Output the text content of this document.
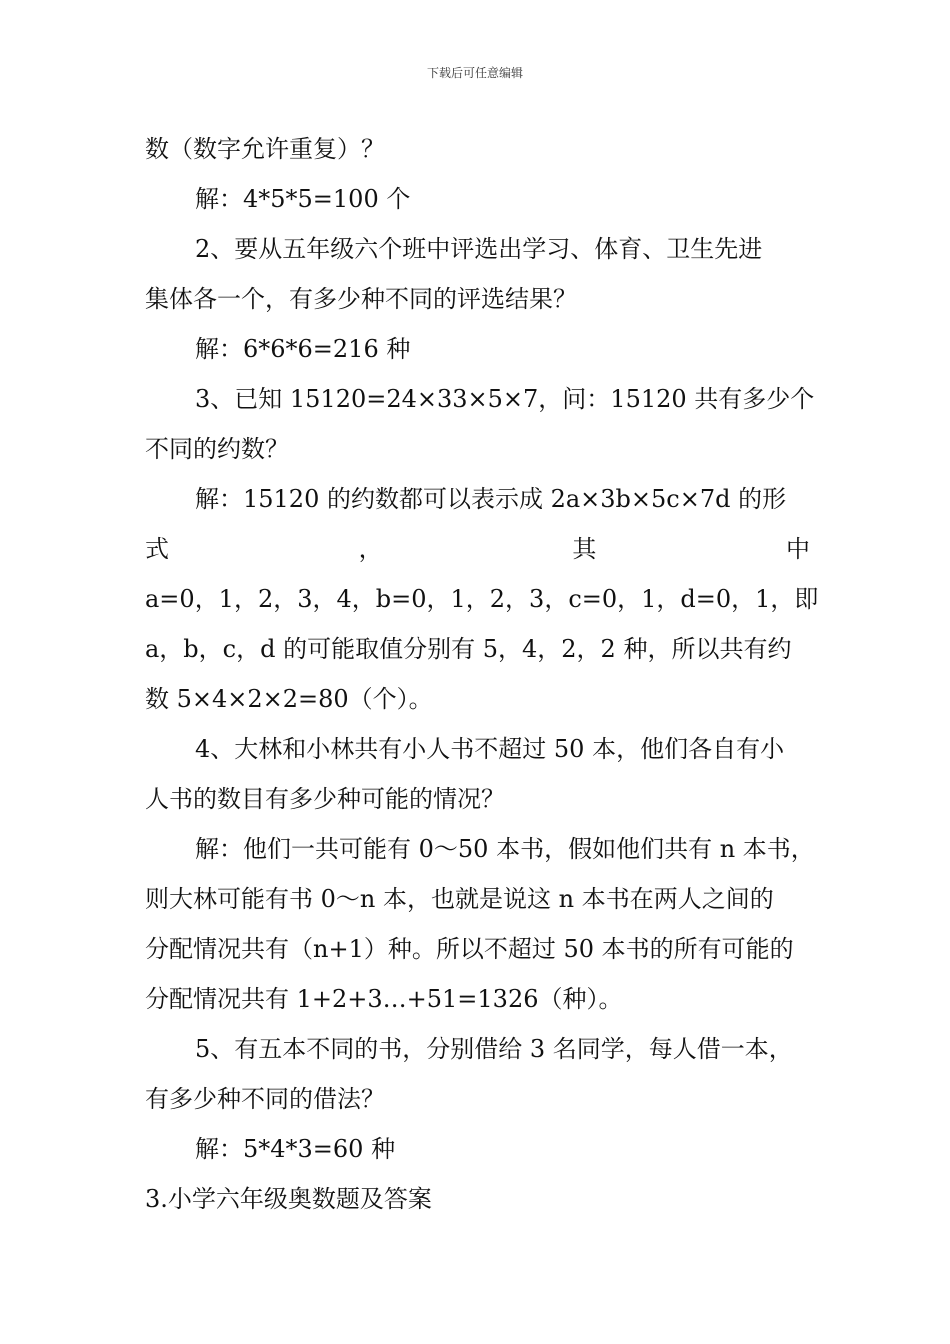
下载后可任意编辑
数（数字允许重复）？
解：4*5*5=100 个
2、要从五年级六个班中评选出学习、体育、卫生先进
集体各一个，有多少种不同的评选结果？
解：6*6*6=216 种
3、已知 15120=24×33×5×7，问：15120 共有多少个
不同的约数？
解：15120 的约数都可以表示成 2a×3b×5c×7d 的形
式	，	其	中
a=0，1，2，3，4，b=0，1，2，3，c=0，1，d=0，1，即
a，b，c，d 的可能取值分别有 5，4，2，2 种，所以共有约
数 5×4×2×2=80（个）。
4、大林和小林共有小人书不超过 50 本，他们各自有小
人书的数目有多少种可能的情况？
解：他们一共可能有 0～50 本书，假如他们共有 n 本书，
则大林可能有书 0～n 本，也就是说这 n 本书在两人之间的
分配情况共有（n+1）种。所以不超过 50 本书的所有可能的
分配情况共有 1+2+3…+51=1326（种）。
5、有五本不同的书，分别借给 3 名同学，每人借一本，
有多少种不同的借法？
解：5*4*3=60 种
3.小学六年级奥数题及答案
